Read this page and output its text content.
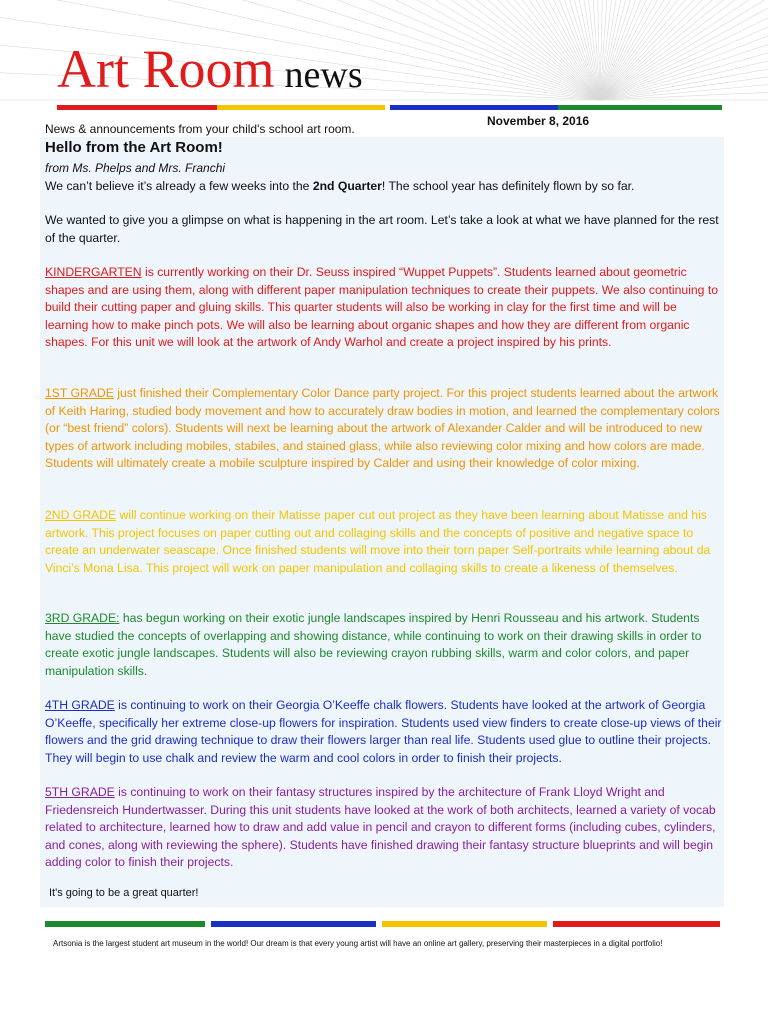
Art Room news
News & announcements from your child's school art room.
November 8, 2016
Hello from the Art Room!
from Ms. Phelps and Mrs. Franchi

We can’t believe it’s already a few weeks into the 2nd Quarter! The school year has definitely flown by so far.

We wanted to give you a glimpse on what is happening in the art room. Let’s take a look at what we have planned for the rest of the quarter.

KINDERGARTEN is currently working on their Dr. Seuss inspired “Wuppet Puppets”. Students learned about geometric shapes and are using them, along with different paper manipulation techniques to create their puppets. We also continuing to build their cutting paper and gluing skills. This quarter students will also be working in clay for the first time and will be learning how to make pinch pots. We will also be learning about organic shapes and how they are different from organic shapes. For this unit we will look at the artwork of Andy Warhol and create a project inspired by his prints.

1ST GRADE just finished their Complementary Color Dance party project. For this project students learned about the artwork of Keith Haring, studied body movement and how to accurately draw bodies in motion, and learned the complementary colors (or “best friend” colors). Students will next be learning about the artwork of Alexander Calder and will be introduced to new types of artwork including mobiles, stabiles, and stained glass, while also reviewing color mixing and how colors are made. Students will ultimately create a mobile sculpture inspired by Calder and using their knowledge of color mixing.

2ND GRADE will continue working on their Matisse paper cut out project as they have been learning about Matisse and his artwork. This project focuses on paper cutting out and collaging skills and the concepts of positive and negative space to create an underwater seascape. Once finished students will move into their torn paper Self-portraits while learning about da Vinci’s Mona Lisa. This project will work on paper manipulation and collaging skills to create a likeness of themselves.

3RD GRADE: has begun working on their exotic jungle landscapes inspired by Henri Rousseau and his artwork. Students have studied the concepts of overlapping and showing distance, while continuing to work on their drawing skills in order to create exotic jungle landscapes. Students will also be reviewing crayon rubbing skills, warm and color colors, and paper manipulation skills.

4TH GRADE is continuing to work on their Georgia O’Keeffe chalk flowers. Students have looked at the artwork of Georgia O’Keeffe, specifically her extreme close-up flowers for inspiration. Students used view finders to create close-up views of their flowers and the grid drawing technique to draw their flowers larger than real life. Students used glue to outline their projects. They will begin to use chalk and review the warm and cool colors in order to finish their projects.

5TH GRADE is continuing to work on their fantasy structures inspired by the architecture of Frank Lloyd Wright and Friedensreich Hundertwasser. During this unit students have looked at the work of both architects, learned a variety of vocab related to architecture, learned how to draw and add value in pencil and crayon to different forms (including cubes, cylinders, and cones, along with reviewing the sphere). Students have finished drawing their fantasy structure blueprints and will begin adding color to finish their projects.

It's going to be a great quarter!
Artsonia is the largest student art museum in the world! Our dream is that every young artist will have an online art gallery, preserving their masterpieces in a digital portfolio!
